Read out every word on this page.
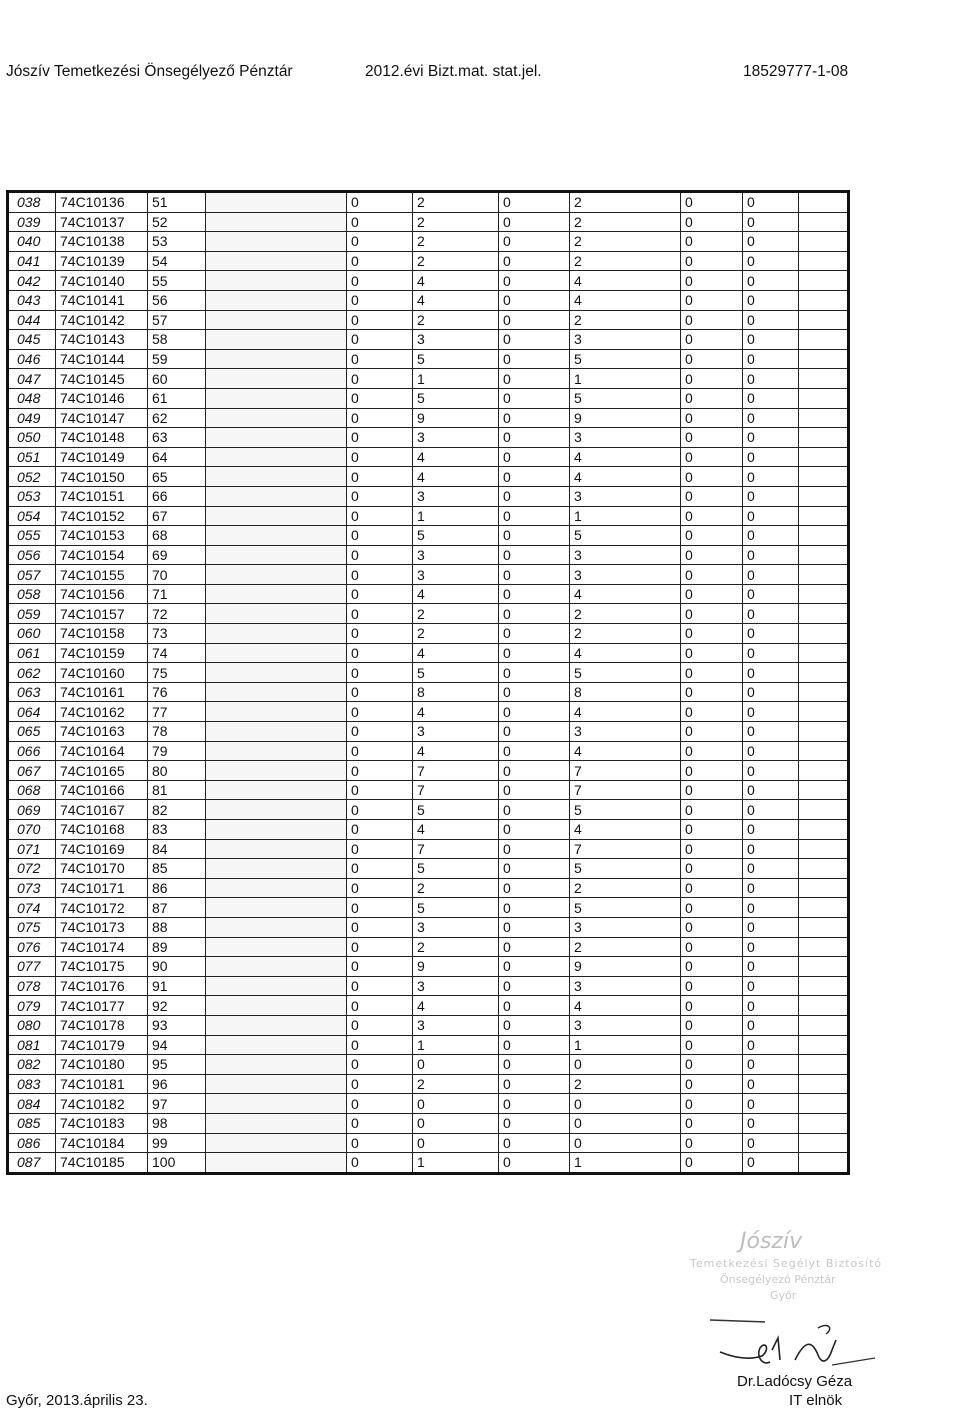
Jószív Temetkezési Önsegélyező Pénztár	2012.évi Bizt.mat. stat.jel.	18529777-1-08
038	74C10136	51		0	2	0	2	0	0	
039	74C10137	52		0	2	0	2	0	0	
040	74C10138	53		0	2	0	2	0	0	
041	74C10139	54		0	2	0	2	0	0	
042	74C10140	55		0	4	0	4	0	0	
043	74C10141	56		0	4	0	4	0	0	
044	74C10142	57		0	2	0	2	0	0	
045	74C10143	58		0	3	0	3	0	0	
046	74C10144	59		0	5	0	5	0	0	
047	74C10145	60		0	1	0	1	0	0	
048	74C10146	61		0	5	0	5	0	0	
049	74C10147	62		0	9	0	9	0	0	
050	74C10148	63		0	3	0	3	0	0	
051	74C10149	64		0	4	0	4	0	0	
052	74C10150	65		0	4	0	4	0	0	
053	74C10151	66		0	3	0	3	0	0	
054	74C10152	67		0	1	0	1	0	0	
055	74C10153	68		0	5	0	5	0	0	
056	74C10154	69		0	3	0	3	0	0	
057	74C10155	70		0	3	0	3	0	0	
058	74C10156	71		0	4	0	4	0	0	
059	74C10157	72		0	2	0	2	0	0	
060	74C10158	73		0	2	0	2	0	0	
061	74C10159	74		0	4	0	4	0	0	
062	74C10160	75		0	5	0	5	0	0	
063	74C10161	76		0	8	0	8	0	0	
064	74C10162	77		0	4	0	4	0	0	
065	74C10163	78		0	3	0	3	0	0	
066	74C10164	79		0	4	0	4	0	0	
067	74C10165	80		0	7	0	7	0	0	
068	74C10166	81		0	7	0	7	0	0	
069	74C10167	82		0	5	0	5	0	0	
070	74C10168	83		0	4	0	4	0	0	
071	74C10169	84		0	7	0	7	0	0	
072	74C10170	85		0	5	0	5	0	0	
073	74C10171	86		0	2	0	2	0	0	
074	74C10172	87		0	5	0	5	0	0	
075	74C10173	88		0	3	0	3	0	0	
076	74C10174	89		0	2	0	2	0	0	
077	74C10175	90		0	9	0	9	0	0	
078	74C10176	91		0	3	0	3	0	0	
079	74C10177	92		0	4	0	4	0	0	
080	74C10178	93		0	3	0	3	0	0	
081	74C10179	94		0	1	0	1	0	0	
082	74C10180	95		0	0	0	0	0	0	
083	74C10181	96		0	2	0	2	0	0	
084	74C10182	97		0	0	0	0	0	0	
085	74C10183	98		0	0	0	0	0	0	
086	74C10184	99		0	0	0	0	0	0	
087	74C10185	100		0	1	0	1	0	0	
Jószív
Temetkezési Segélyt Biztosító
Önsegélyező Pénztár
Győr
Dr.Ladócsy Géza
IT elnök
Győr, 2013.április 23.
